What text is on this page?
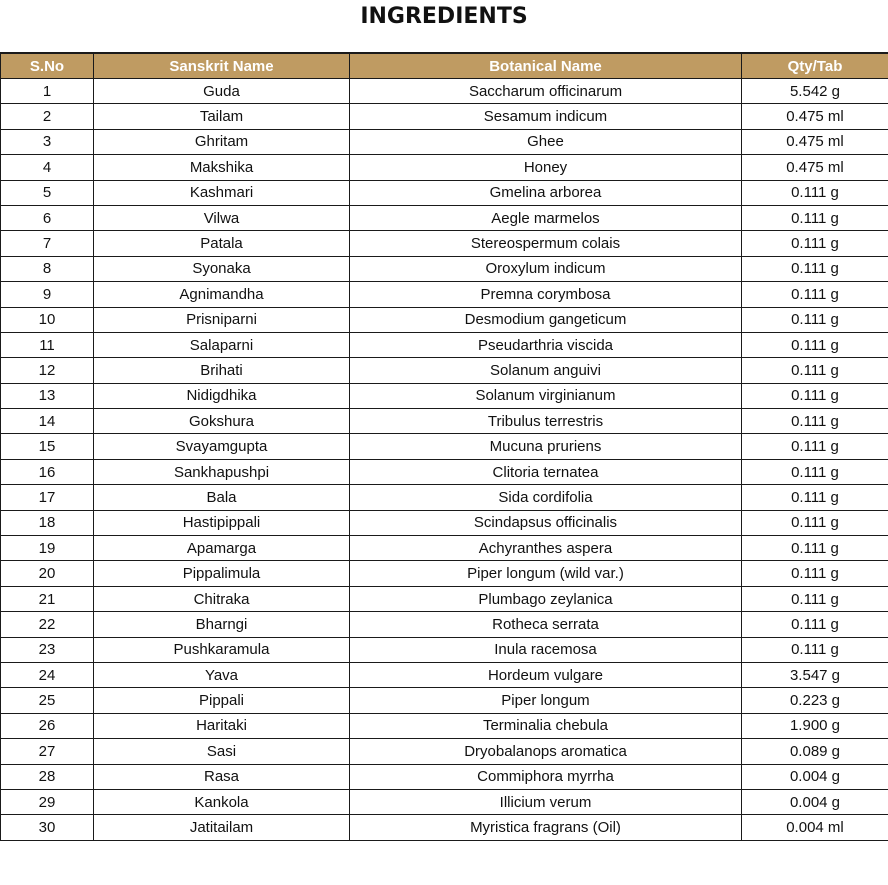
INGREDIENTS
S.No	Sanskrit Name	Botanical Name	Qty/Tab
1	Guda	Saccharum officinarum	5.542 g
2	Tailam	Sesamum indicum	0.475 ml
3	Ghritam	Ghee	0.475 ml
4	Makshika	Honey	0.475 ml
5	Kashmari	Gmelina arborea	0.111 g
6	Vilwa	Aegle marmelos	0.111 g
7	Patala	Stereospermum colais	0.111 g
8	Syonaka	Oroxylum indicum	0.111 g
9	Agnimandha	Premna corymbosa	0.111 g
10	Prisniparni	Desmodium gangeticum	0.111 g
11	Salaparni	Pseudarthria viscida	0.111 g
12	Brihati	Solanum anguivi	0.111 g
13	Nidigdhika	Solanum virginianum	0.111 g
14	Gokshura	Tribulus terrestris	0.111 g
15	Svayamgupta	Mucuna pruriens	0.111 g
16	Sankhapushpi	Clitoria ternatea	0.111 g
17	Bala	Sida cordifolia	0.111 g
18	Hastipippali	Scindapsus officinalis	0.111 g
19	Apamarga	Achyranthes aspera	0.111 g
20	Pippalimula	Piper longum (wild var.)	0.111 g
21	Chitraka	Plumbago zeylanica	0.111 g
22	Bharngi	Rotheca serrata	0.111 g
23	Pushkaramula	Inula racemosa	0.111 g
24	Yava	Hordeum vulgare	3.547 g
25	Pippali	Piper longum	0.223 g
26	Haritaki	Terminalia chebula	1.900 g
27	Sasi	Dryobalanops aromatica	0.089 g
28	Rasa	Commiphora myrrha	0.004 g
29	Kankola	Illicium verum	0.004 g
30	Jatitailam	Myristica fragrans (Oil)	0.004 ml
